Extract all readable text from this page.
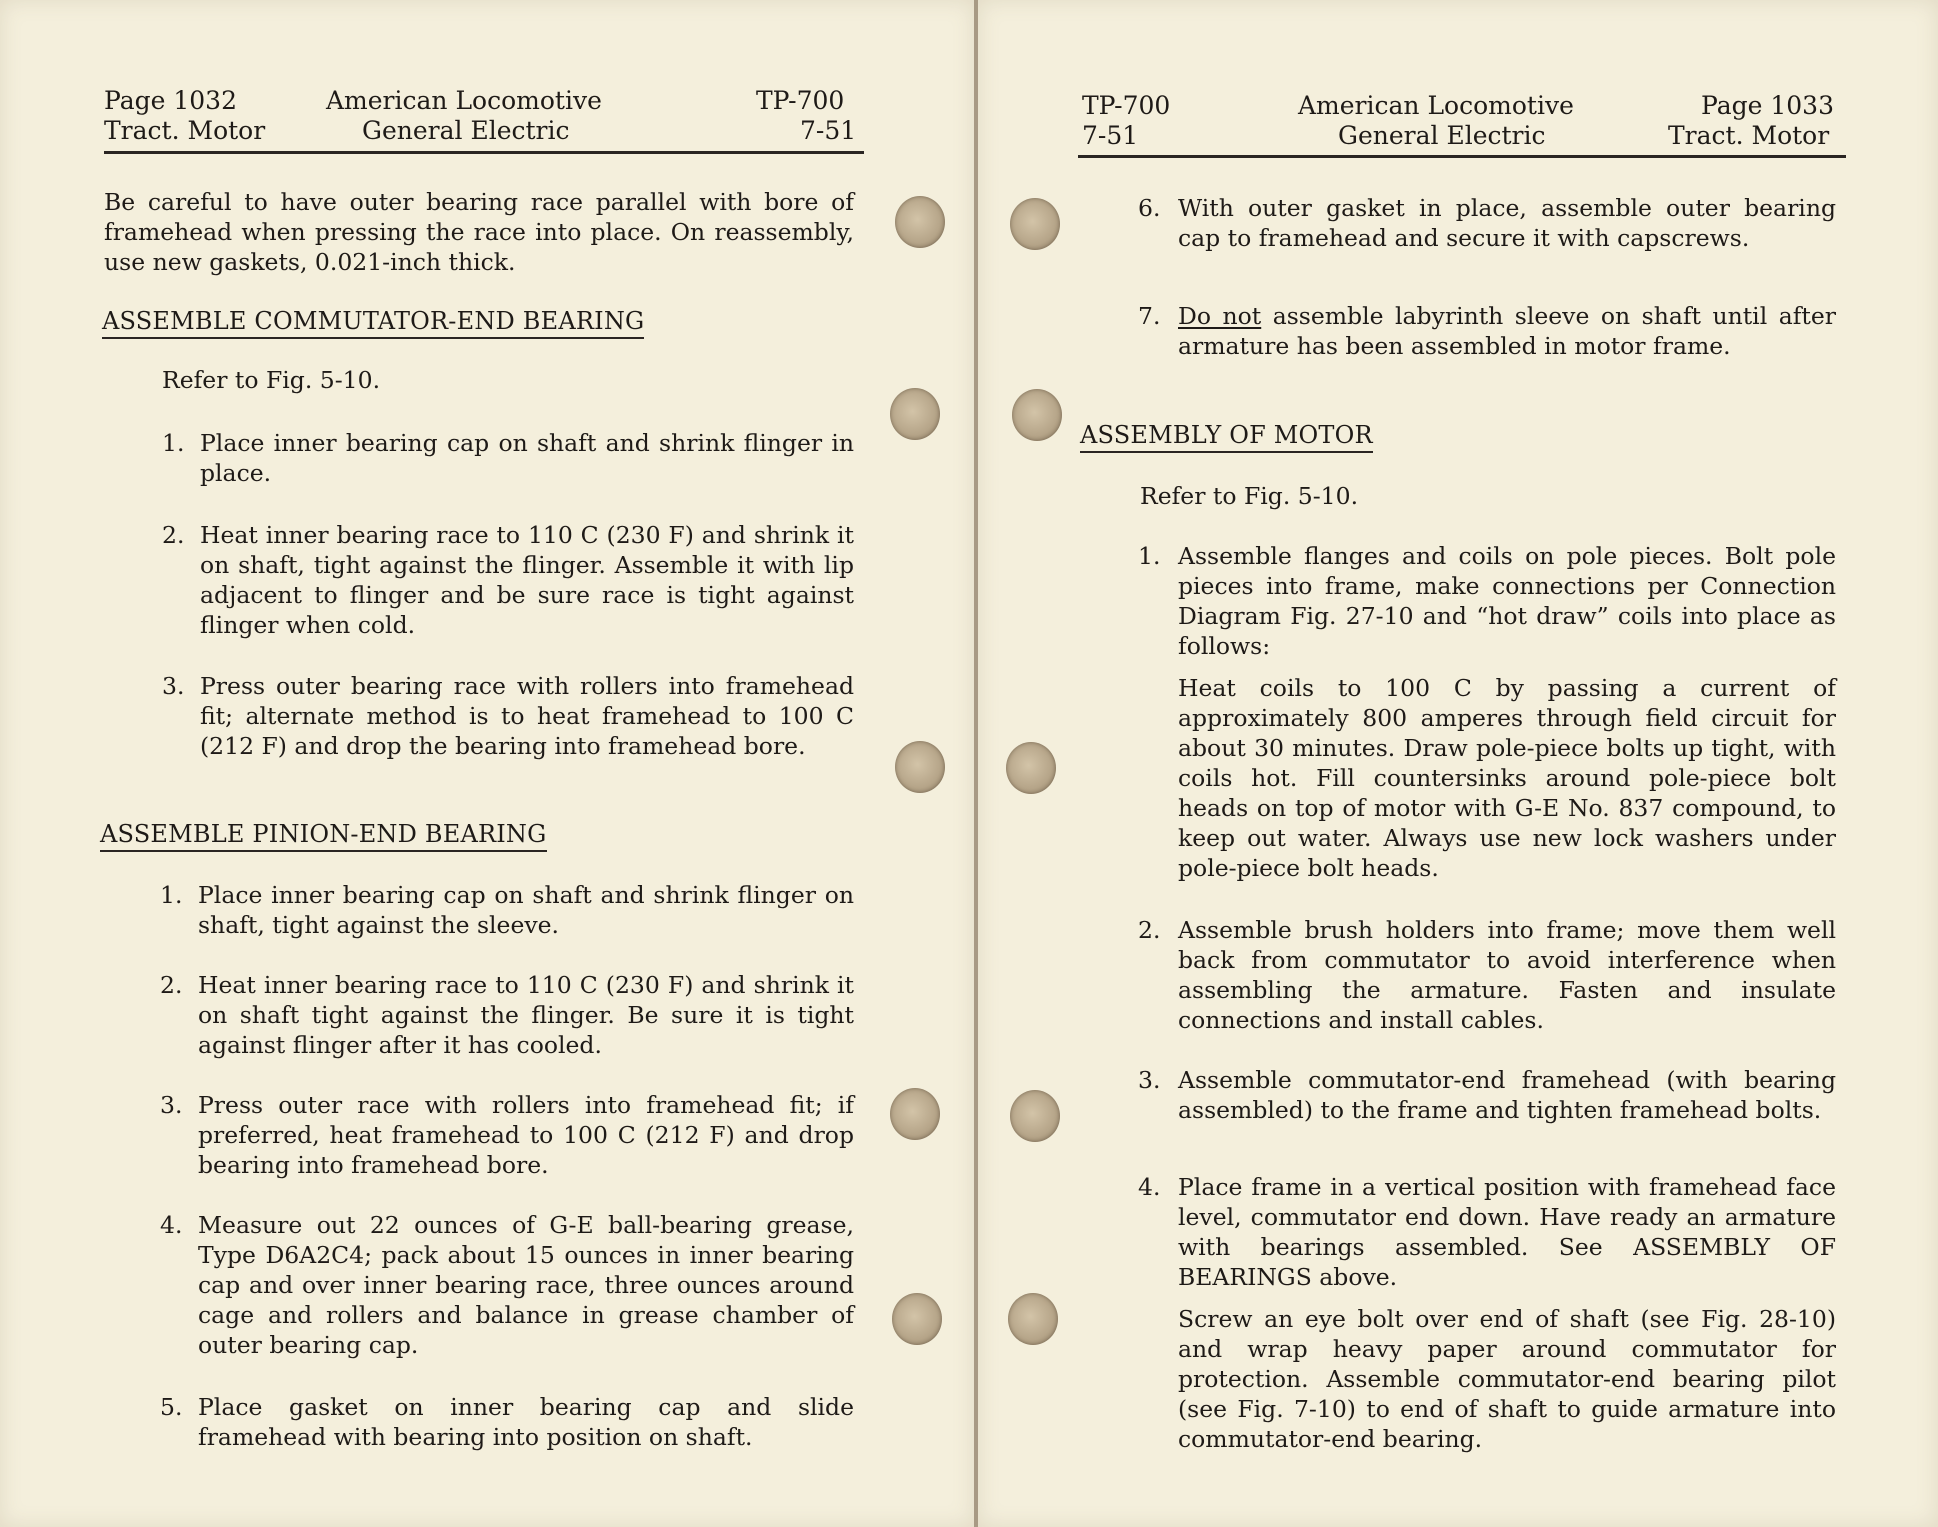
Page 1032
Tract. Motor
American Locomotive
General Electric
TP-700
7-51

Be careful to have outer bearing race parallel with bore of framehead when pressing the race into place. On reassembly, use new gaskets, 0.021-inch thick.

ASSEMBLE COMMUTATOR-END BEARING
Refer to Fig. 5-10.
1. Place inner bearing cap on shaft and shrink flinger in place.
2. Heat inner bearing race to 110 C (230 F) and shrink it on shaft, tight against the flinger. Assemble it with lip adjacent to flinger and be sure race is tight against flinger when cold.
3. Press outer bearing race with rollers into framehead fit; alternate method is to heat framehead to 100 C (212 F) and drop the bearing into framehead bore.
ASSEMBLE PINION-END BEARING
1. Place inner bearing cap on shaft and shrink flinger on shaft, tight against the sleeve.
2. Heat inner bearing race to 110 C (230 F) and shrink it on shaft tight against the flinger. Be sure it is tight against flinger after it has cooled.
3. Press outer race with rollers into framehead fit; if preferred, heat framehead to 100 C (212 F) and drop bearing into framehead bore.
4. Measure out 22 ounces of G-E ball-bearing grease, Type D6A2C4; pack about 15 ounces in inner bearing cap and over inner bearing race, three ounces around cage and rollers and balance in grease chamber of outer bearing cap.
5. Place gasket on inner bearing cap and slide framehead with bearing into position on shaft.
TP-700
7-51
American Locomotive
General Electric
Page 1033
Tract. Motor
6. With outer gasket in place, assemble outer bearing cap to framehead and secure it with capscrews.
7. Do not assemble labyrinth sleeve on shaft until after armature has been assembled in motor frame.
ASSEMBLY OF MOTOR
Refer to Fig. 5-10.
1. Assemble flanges and coils on pole pieces. Bolt pole pieces into frame, make connections per Connection Diagram Fig. 27-10 and “hot draw” coils into place as follows:
Heat coils to 100 C by passing a current of approximately 800 amperes through field circuit for about 30 minutes. Draw pole-piece bolts up tight, with coils hot. Fill countersinks around pole-piece bolt heads on top of motor with G-E No. 837 compound, to keep out water. Always use new lock washers under pole-piece bolt heads.
2. Assemble brush holders into frame; move them well back from commutator to avoid interference when assembling the armature. Fasten and insulate connections and install cables.
3. Assemble commutator-end framehead (with bearing assembled) to the frame and tighten framehead bolts.
4. Place frame in a vertical position with framehead face level, commutator end down. Have ready an armature with bearings assembled. See ASSEMBLY OF BEARINGS above.
Screw an eye bolt over end of shaft (see Fig. 28-10) and wrap heavy paper around commutator for protection. Assemble commutator-end bearing pilot (see Fig. 7-10) to end of shaft to guide armature into commutator-end bearing.
